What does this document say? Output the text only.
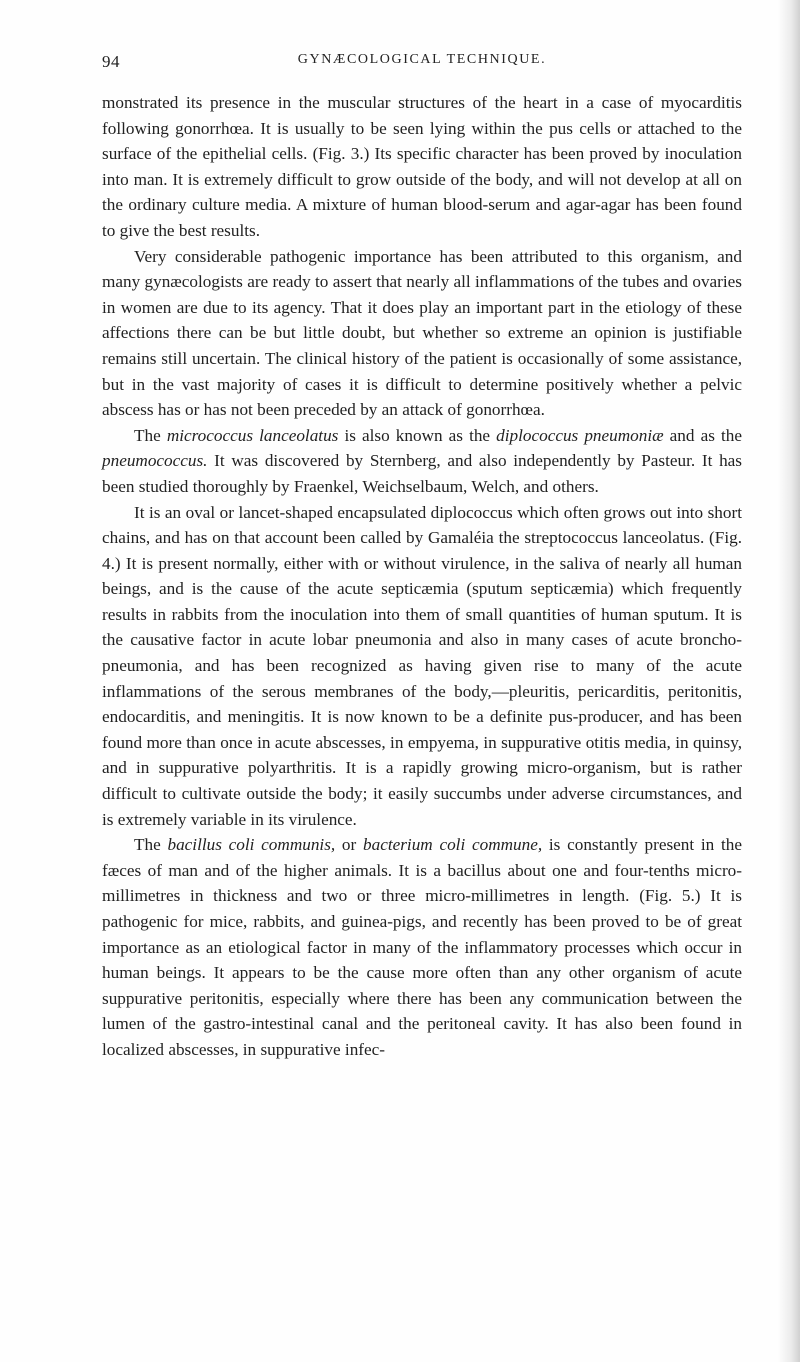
94	GYNÆCOLOGICAL TECHNIQUE.

monstrated its presence in the muscular structures of the heart in a case of myocarditis following gonorrhœa. It is usually to be seen lying within the pus cells or attached to the surface of the epithelial cells. (Fig. 3.) Its specific character has been proved by inoculation into man. It is extremely difficult to grow outside of the body, and will not develop at all on the ordinary culture media. A mixture of human blood-serum and agar-agar has been found to give the best results.

Very considerable pathogenic importance has been attributed to this organism, and many gynæcologists are ready to assert that nearly all inflammations of the tubes and ovaries in women are due to its agency. That it does play an important part in the etiology of these affections there can be but little doubt, but whether so extreme an opinion is justifiable remains still uncertain. The clinical history of the patient is occasionally of some assistance, but in the vast majority of cases it is difficult to determine positively whether a pelvic abscess has or has not been preceded by an attack of gonorrhœa.

The micrococcus lanceolatus is also known as the diplococcus pneumoniæ and as the pneumococcus. It was discovered by Sternberg, and also independently by Pasteur. It has been studied thoroughly by Fraenkel, Weichselbaum, Welch, and others.

It is an oval or lancet-shaped encapsulated diplococcus which often grows out into short chains, and has on that account been called by Gamaléia the streptococcus lanceolatus. (Fig. 4.) It is present normally, either with or without virulence, in the saliva of nearly all human beings, and is the cause of the acute septicæmia (sputum septicæmia) which frequently results in rabbits from the inoculation into them of small quantities of human sputum. It is the causative factor in acute lobar pneumonia and also in many cases of acute broncho-pneumonia, and has been recognized as having given rise to many of the acute inflammations of the serous membranes of the body,—pleuritis, pericarditis, peritonitis, endocarditis, and meningitis. It is now known to be a definite pus-producer, and has been found more than once in acute abscesses, in empyema, in suppurative otitis media, in quinsy, and in suppurative polyarthritis. It is a rapidly growing micro-organism, but is rather difficult to cultivate outside the body; it easily succumbs under adverse circumstances, and is extremely variable in its virulence.

The bacillus coli communis, or bacterium coli commune, is constantly present in the fæces of man and of the higher animals. It is a bacillus about one and four-tenths micro-millimetres in thickness and two or three micro-millimetres in length. (Fig. 5.) It is pathogenic for mice, rabbits, and guinea-pigs, and recently has been proved to be of great importance as an etiological factor in many of the inflammatory processes which occur in human beings. It appears to be the cause more often than any other organism of acute suppurative peritonitis, especially where there has been any communication between the lumen of the gastro-intestinal canal and the peritoneal cavity. It has also been found in localized abscesses, in suppurative infec-
